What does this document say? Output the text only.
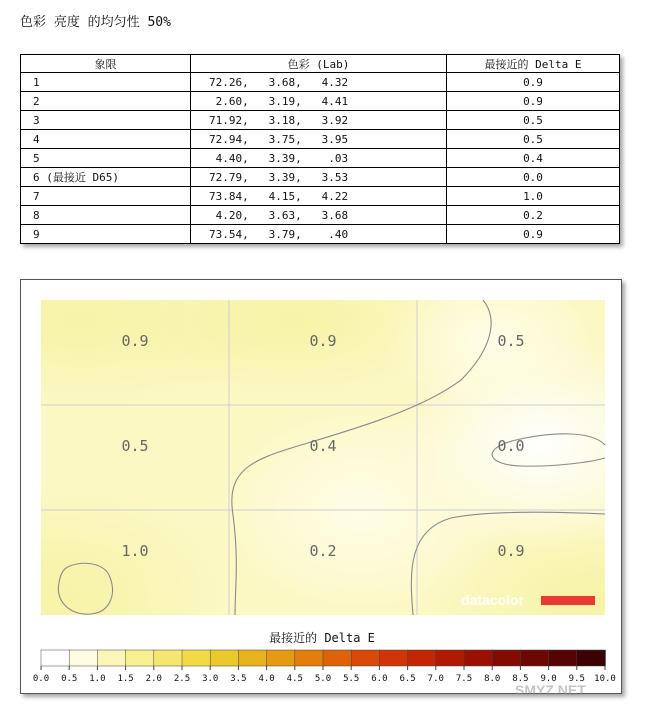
色彩 亮度 的均匀性 50%
象限	色彩 (Lab)	最接近的 Delta E
1	72.26,   3.68,   4.32	0.9
2	2.60,   3.19,   4.41	0.9
3	71.92,   3.18,   3.92	0.5
4	72.94,   3.75,   3.95	0.5
5	4.40,   3.39,    .03	0.4
6 (最接近 D65)	72.79,   3.39,   3.53	0.0
7	73.84,   4.15,   4.22	1.0
8	4.20,   3.63,   3.68	0.2
9	73.54,   3.79,    .40	0.9
0.9	0.9	0.5
0.5	0.4	0.0
1.0	0.2	0.9
datacolor
最接近的 Delta E
0.0 0.5 1.0 1.5 2.0 2.5 3.0 3.5 4.0 4.5 5.0 5.5 6.0 6.5 7.0 7.5 8.0 8.5 9.0 9.5 10.0
SMYZ.NET
